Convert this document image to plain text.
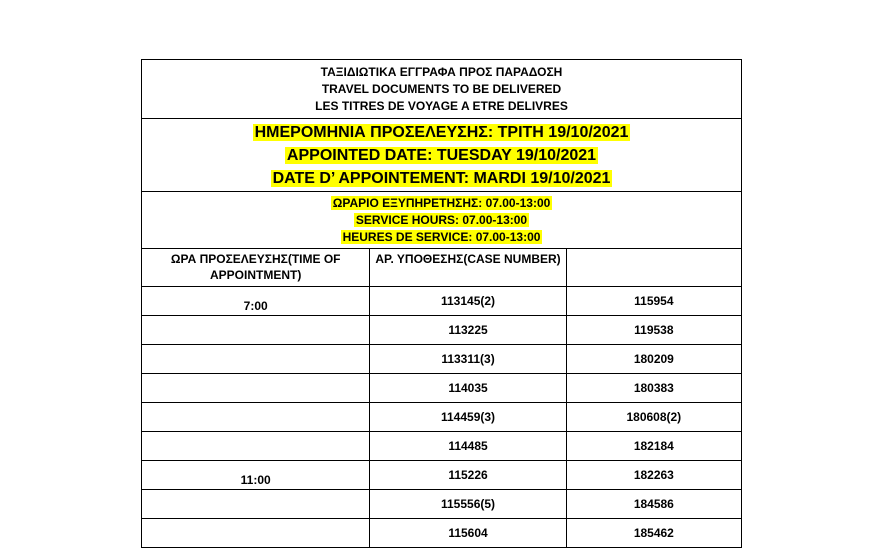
ΤΑΞΙΔΙΩΤΙΚΑ ΕΓΓΡΑΦΑ ΠΡΟΣ ΠΑΡΑΔΟΣΗ
TRAVEL DOCUMENTS TO BE DELIVERED
LES TITRES DE VOYAGE A ETRE DELIVRES		

ΗΜΕΡΟΜΗΝΙΑ ΠΡΟΣΕΛΕΥΣΗΣ: ΤΡΙΤΗ 19/10/2021
APPOINTED DATE: TUESDAY 19/10/2021
DATE D’ APPOINTEMENT: MARDI 19/10/2021		

ΩΡΑΡΙΟ ΕΞΥΠΗΡΕΤΗΣΗΣ: 07.00-13:00
SERVICE HOURS: 07.00-13:00
HEURES DE SERVICE: 07.00-13:00		

ΩΡΑ ΠΡΟΣΕΛΕΥΣΗΣ(TIME OF APPOINTMENT)	ΑΡ. ΥΠΟΘΕΣΗΣ(CASE NUMBER)	
7:00	113145(2)	115954
	113225	119538
	113311(3)	180209
	114035	180383
	114459(3)	180608(2)
	114485	182184
11:00	115226	182263
	115556(5)	184586
	115604	185462
